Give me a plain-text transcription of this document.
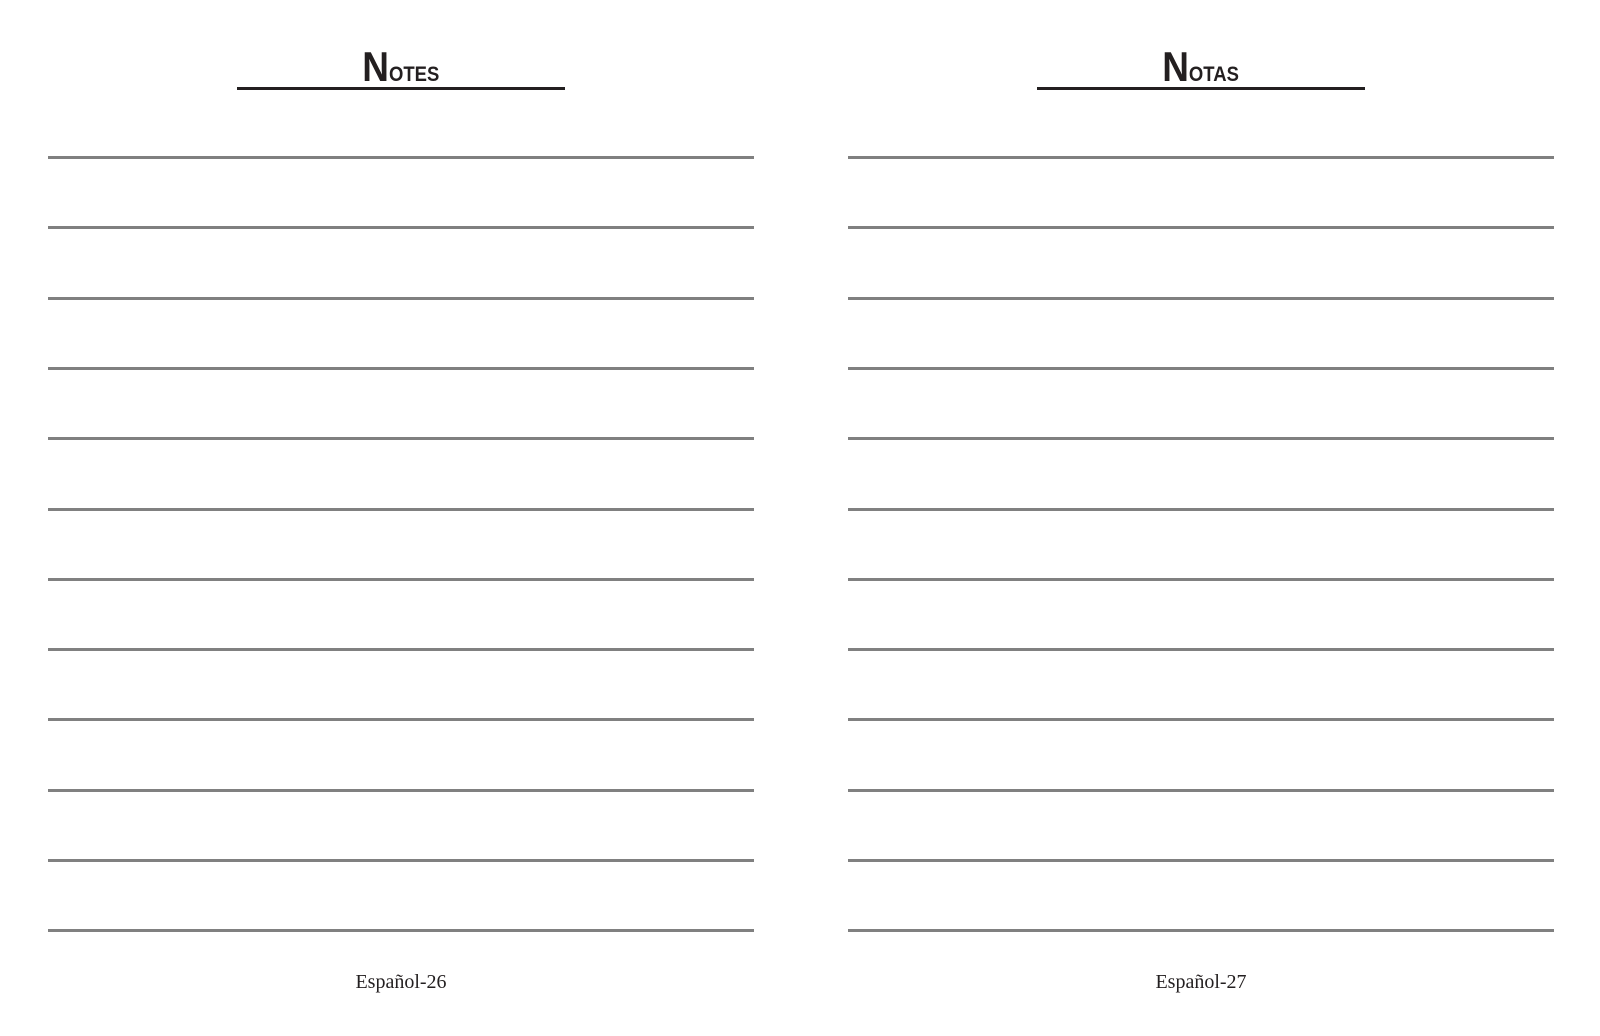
Notes
Español-26
Notas
Español-27
